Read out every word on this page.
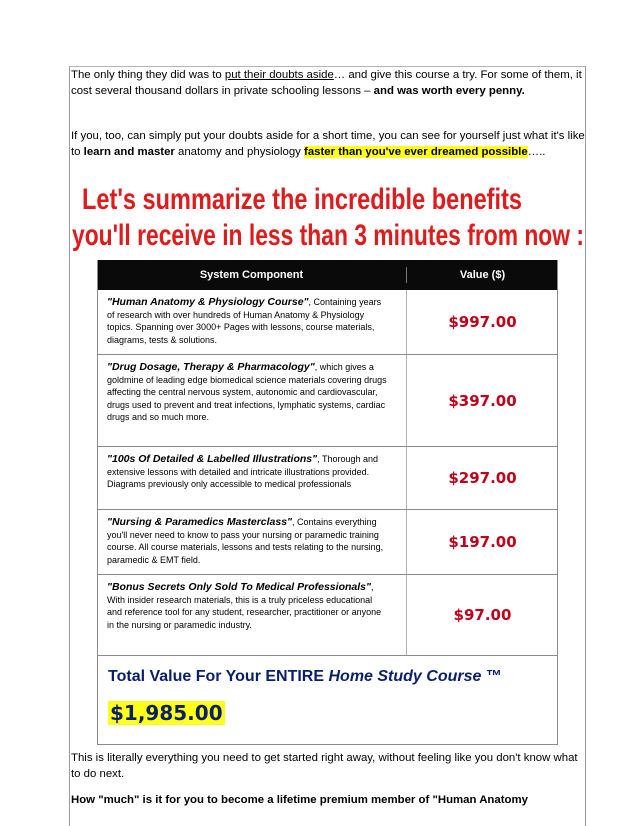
The only thing they did was to put their doubts aside… and give this course a try. For some of them, it cost several thousand dollars in private schooling lessons – and was worth every penny.
If you, too, can simply put your doubts aside for a short time, you can see for yourself just what it's like to learn and master anatomy and physiology faster than you've ever dreamed possible…..
Let's summarize the incredible benefits
you'll receive in less than 3 minutes from now :
System Component	Value ($)
"Human Anatomy & Physiology Course", Containing years of research with over hundreds of Human Anatomy & Physiology topics. Spanning over 3000+ Pages with lessons, course materials, diagrams, tests & solutions.
$997.00
"Drug Dosage, Therapy & Pharmacology", which gives a goldmine of leading edge biomedical science materials covering drugs affecting the central nervous system, autonomic and cardiovascular, drugs used to prevent and treat infections, lymphatic systems, cardiac drugs and so much more.
$397.00
"100s Of Detailed & Labelled Illustrations", Thorough and extensive lessons with detailed and intricate illustrations provided. Diagrams previously only accessible to medical professionals	$297.00
"Nursing & Paramedics Masterclass", Contains everything you'll never need to know to pass your nursing or paramedic training course. All course materials, lessons and tests relating to the nursing, paramedic & EMT field.
$197.00
"Bonus Secrets Only Sold To Medical Professionals", With insider research materials, this is a truly priceless educational and reference tool for any student, researcher, practitioner or anyone in the nursing or paramedic industry.
$97.00
Total Value For Your ENTIRE Home Study Course ™
$1,985.00
This is literally everything you need to get started right away, without feeling like you don't know what to do next.
How "much" is it for you to become a lifetime premium member of "Human Anatomy
